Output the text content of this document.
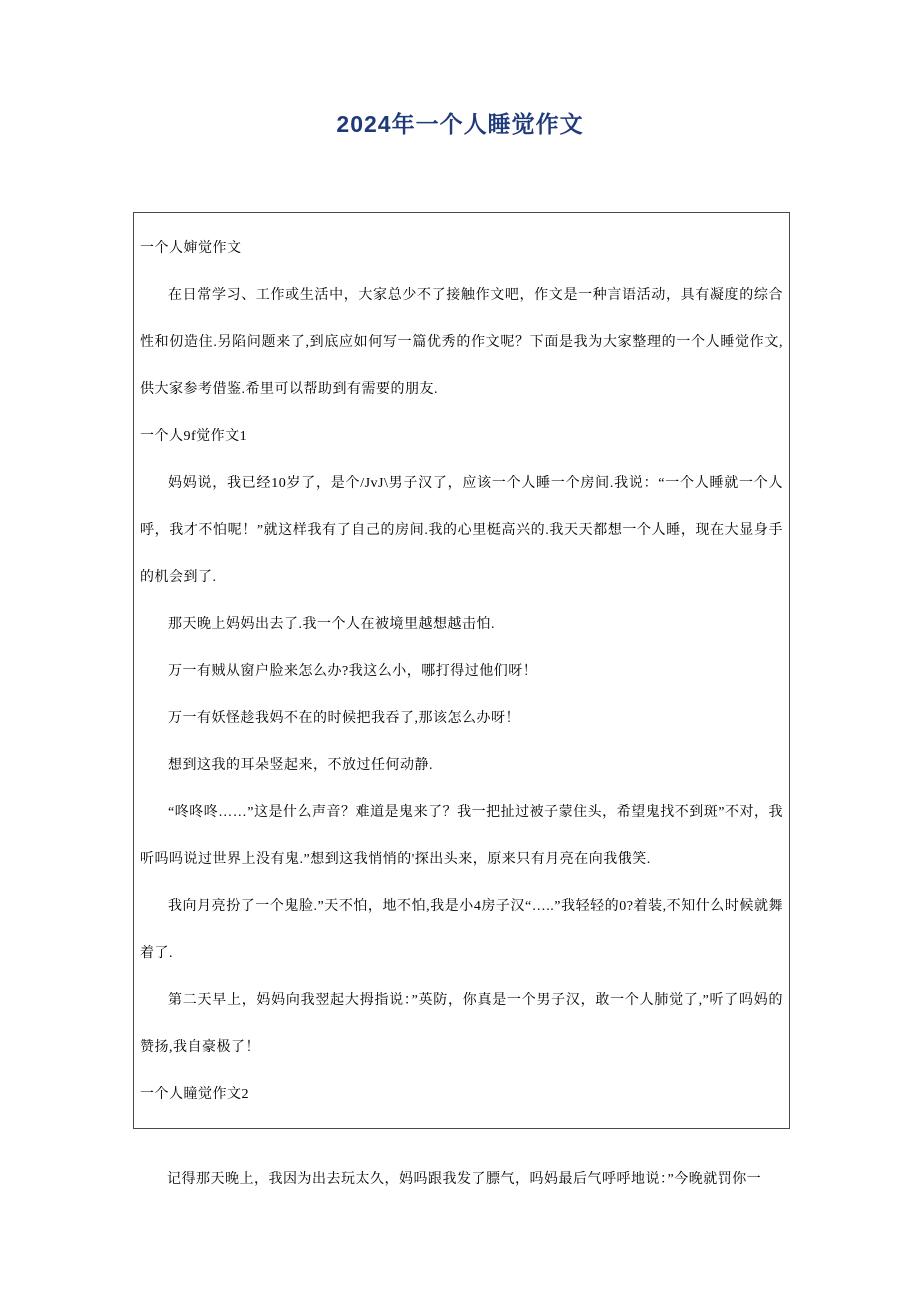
2024年一个人睡觉作文

一个人婶觉作文

在日常学习、工作或生活中，大家总少不了接触作文吧，作文是一种言语活动，具有凝度的综合性和仞造住.另陷问题来了,到底应如何写一篇优秀的作文呢？下面是我为大家整理的一个人睡觉作文,供大家参考借鉴.希里可以帮助到有需要的朋友.

一个人9f觉作文1

妈妈说，我已经10岁了，是个/JvJ\男子汉了，应该一个人睡一个房间.我说：“一个人睡就一个人呼，我才不怕呢！”就这样我有了自己的房间.我的心里梃高兴的.我天天都想一个人睡，现在大显身手的机会到了.

那天晚上妈妈出去了.我一个人在被境里越想越击怕.

万一有贼从窗户脸来怎么办?我这么小，哪打得过他们呀！

万一有妖怪趁我妈不在的时候把我吞了,那该怎么办呀！

想到这我的耳朵竖起来，不放过任何动静.

“咚咚咚……”这是什么声音？难道是鬼来了？我一把扯过被子蒙住头，希望鬼找不到斑”不对，我听吗吗说过世界上没有鬼.”想到这我悄悄的'探出头来，原来只有月亮在向我俄笑.

我向月亮扮了一个鬼脸.”天不怕，地不怕,我是小4房子汉“…..”我轻轻的0?着装,不知什么时候就舞着了.

第二天早上，妈妈向我翌起大拇指说：”英防，你真是一个男子汉，敢一个人肺觉了,”听了吗妈的赞扬,我自豪极了！

一个人瞳觉作文2

记得那天晚上，我因为出去玩太久，妈吗跟我发了膘气，吗妈最后气呼呼地说：”今晚就罚你一
